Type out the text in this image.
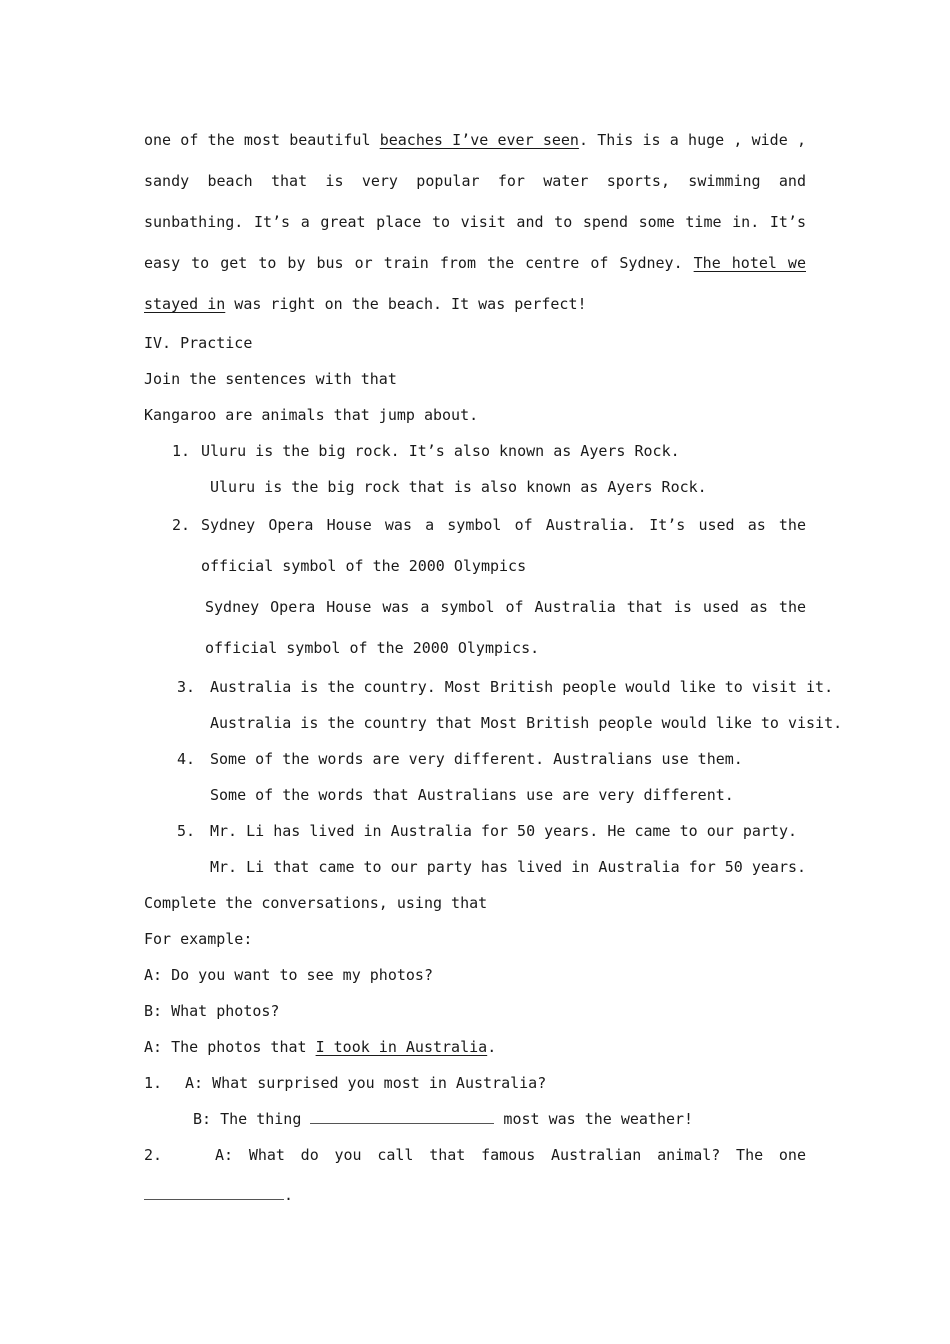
one of the most beautiful beaches I’ve ever seen. This is a huge , wide , sandy beach that is very popular for water sports, swimming and sunbathing. It’s a great place to visit and to spend some time in. It’s easy to get to by bus or train from the centre of Sydney. The hotel we stayed in was right on the beach. It was perfect!

IV. Practice

Join the sentences with that

Kangaroo are animals that jump about.

1. Uluru is the big rock. It’s also known as Ayers Rock.
Uluru is the big rock that is also known as Ayers Rock.
2. Sydney Opera House was a symbol of Australia. It’s used as the official symbol of the 2000 Olympics
Sydney Opera House was a symbol of Australia that is used as the official symbol of the 2000 Olympics.
3. Australia is the country. Most British people would like to visit it.
Australia is the country that Most British people would like to visit.
4. Some of the words are very different. Australians use them.
Some of the words that Australians use are very different.
5. Mr. Li has lived in Australia for 50 years. He came to our party.
Mr. Li that came to our party has lived in Australia for 50 years.

Complete the conversations, using that

For example:

A: Do you want to see my photos?

B: What photos?

A: The photos that I took in Australia.

1.	A: What surprised you most in Australia?
B: The thing	most was the weather!
2.	A: What do you call that famous Australian animal? The one

.
